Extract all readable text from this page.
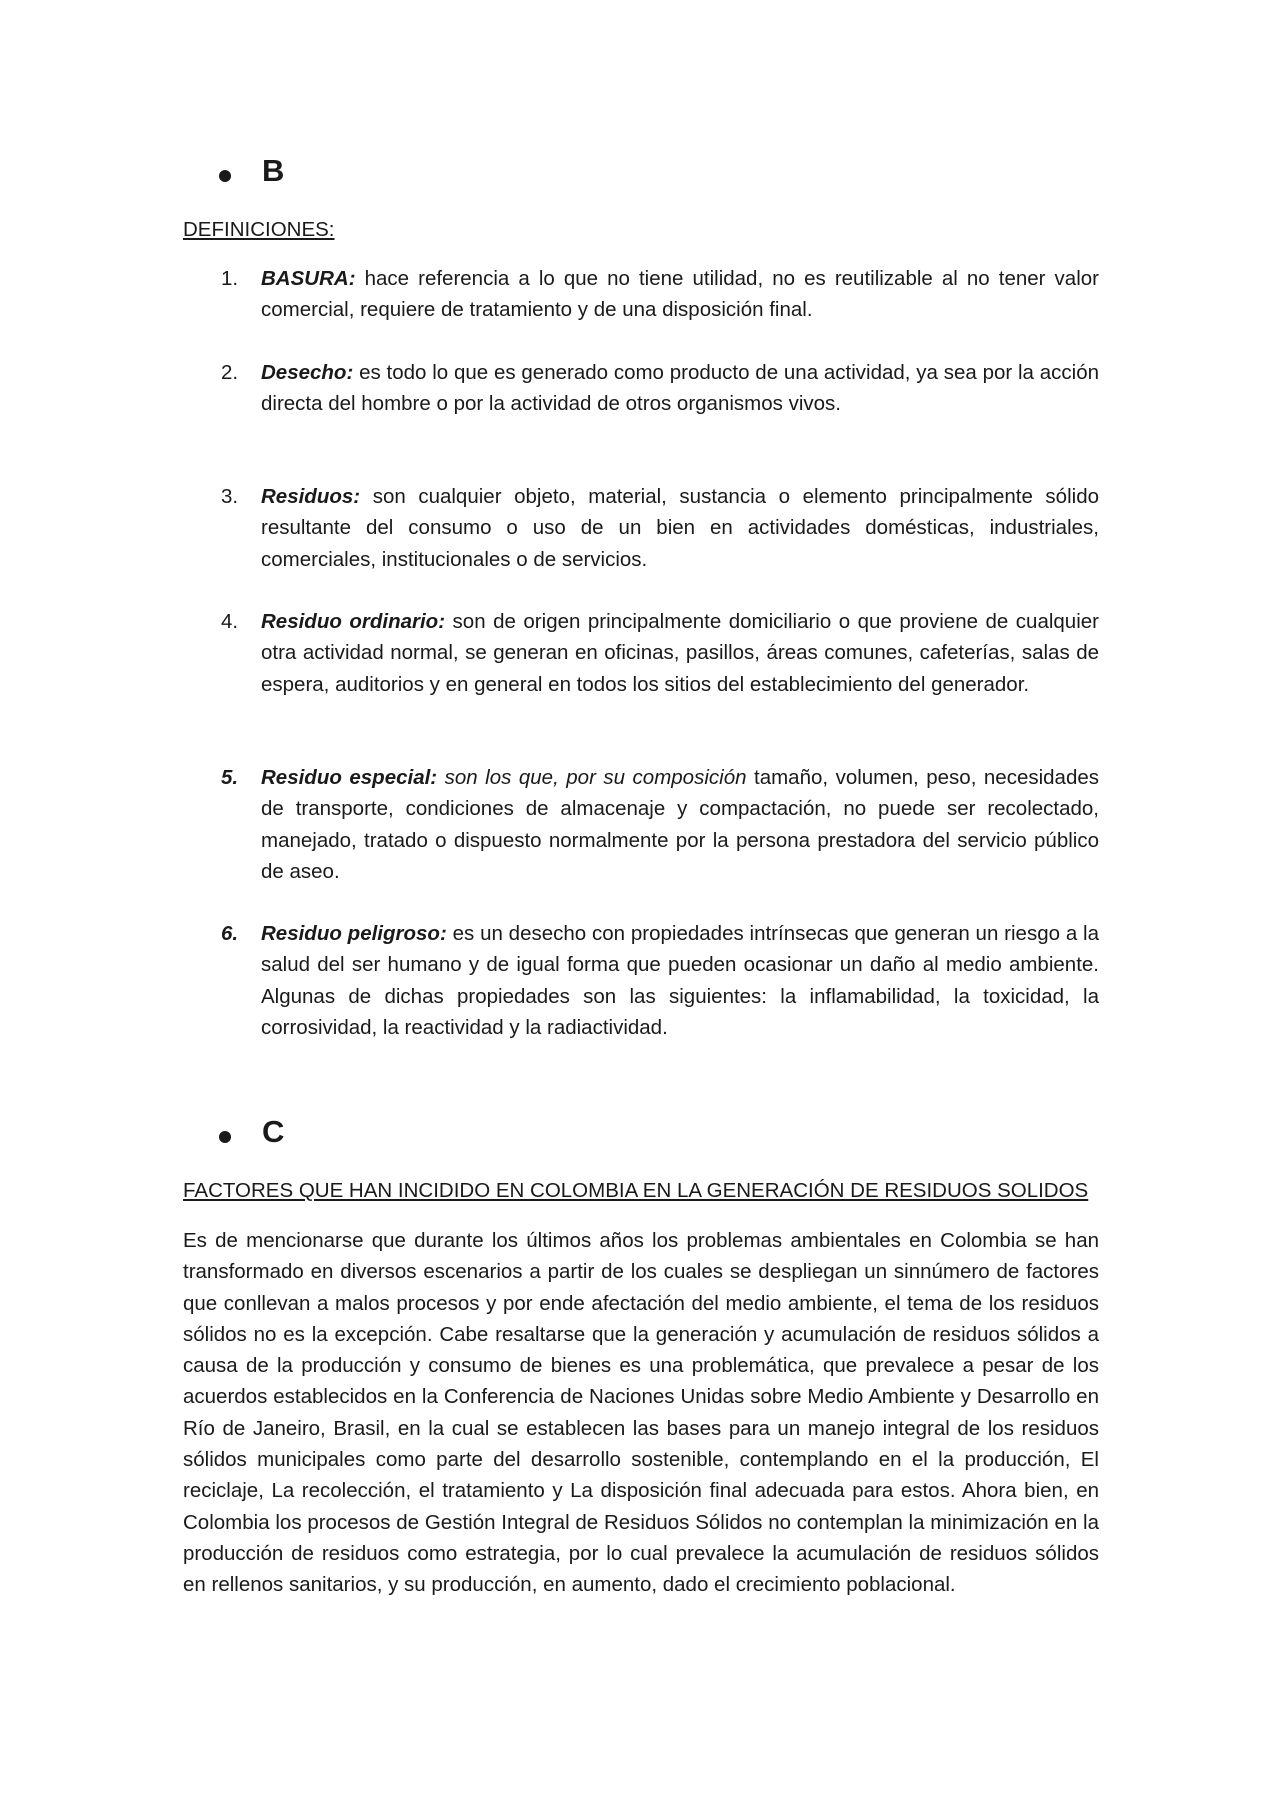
B
DEFINICIONES:
1. BASURA: hace referencia a lo que no tiene utilidad, no es reutilizable al no tener valor comercial, requiere de tratamiento y de una disposición final.
2. Desecho: es todo lo que es generado como producto de una actividad, ya sea por la acción directa del hombre o por la actividad de otros organismos vivos.
3. Residuos: son cualquier objeto, material, sustancia o elemento principalmente sólido resultante del consumo o uso de un bien en actividades domésticas, industriales, comerciales, institucionales o de servicios.
4. Residuo ordinario: son de origen principalmente domiciliario o que proviene de cualquier otra actividad normal, se generan en oficinas, pasillos, áreas comunes, cafeterías, salas de espera, auditorios y en general en todos los sitios del establecimiento del generador.
5. Residuo especial: son los que, por su composición tamaño, volumen, peso, necesidades de transporte, condiciones de almacenaje y compactación, no puede ser recolectado, manejado, tratado o dispuesto normalmente por la persona prestadora del servicio público de aseo.
6. Residuo peligroso: es un desecho con propiedades intrínsecas que generan un riesgo a la salud del ser humano y de igual forma que pueden ocasionar un daño al medio ambiente. Algunas de dichas propiedades son las siguientes: la inflamabilidad, la toxicidad, la corrosividad, la reactividad y la radiactividad.
C
FACTORES QUE HAN INCIDIDO EN COLOMBIA EN LA GENERACIÓN DE RESIDUOS SOLIDOS
Es de mencionarse que durante los últimos años los problemas ambientales en Colombia se han transformado en diversos escenarios a partir de los cuales se despliegan un sinnúmero de factores que conllevan a malos procesos y por ende afectación del medio ambiente, el tema de los residuos sólidos no es la excepción. Cabe resaltarse que la generación y acumulación de residuos sólidos a causa de la producción y consumo de bienes es una problemática, que prevalece a pesar de los acuerdos establecidos en la Conferencia de Naciones Unidas sobre Medio Ambiente y Desarrollo en Río de Janeiro, Brasil, en la cual se establecen las bases para un manejo integral de los residuos sólidos municipales como parte del desarrollo sostenible, contemplando en el la producción, El reciclaje, La recolección, el tratamiento y La disposición final adecuada para estos. Ahora bien, en Colombia los procesos de Gestión Integral de Residuos Sólidos no contemplan la minimización en la producción de residuos como estrategia, por lo cual prevalece la acumulación de residuos sólidos en rellenos sanitarios, y su producción, en aumento, dado el crecimiento poblacional.
